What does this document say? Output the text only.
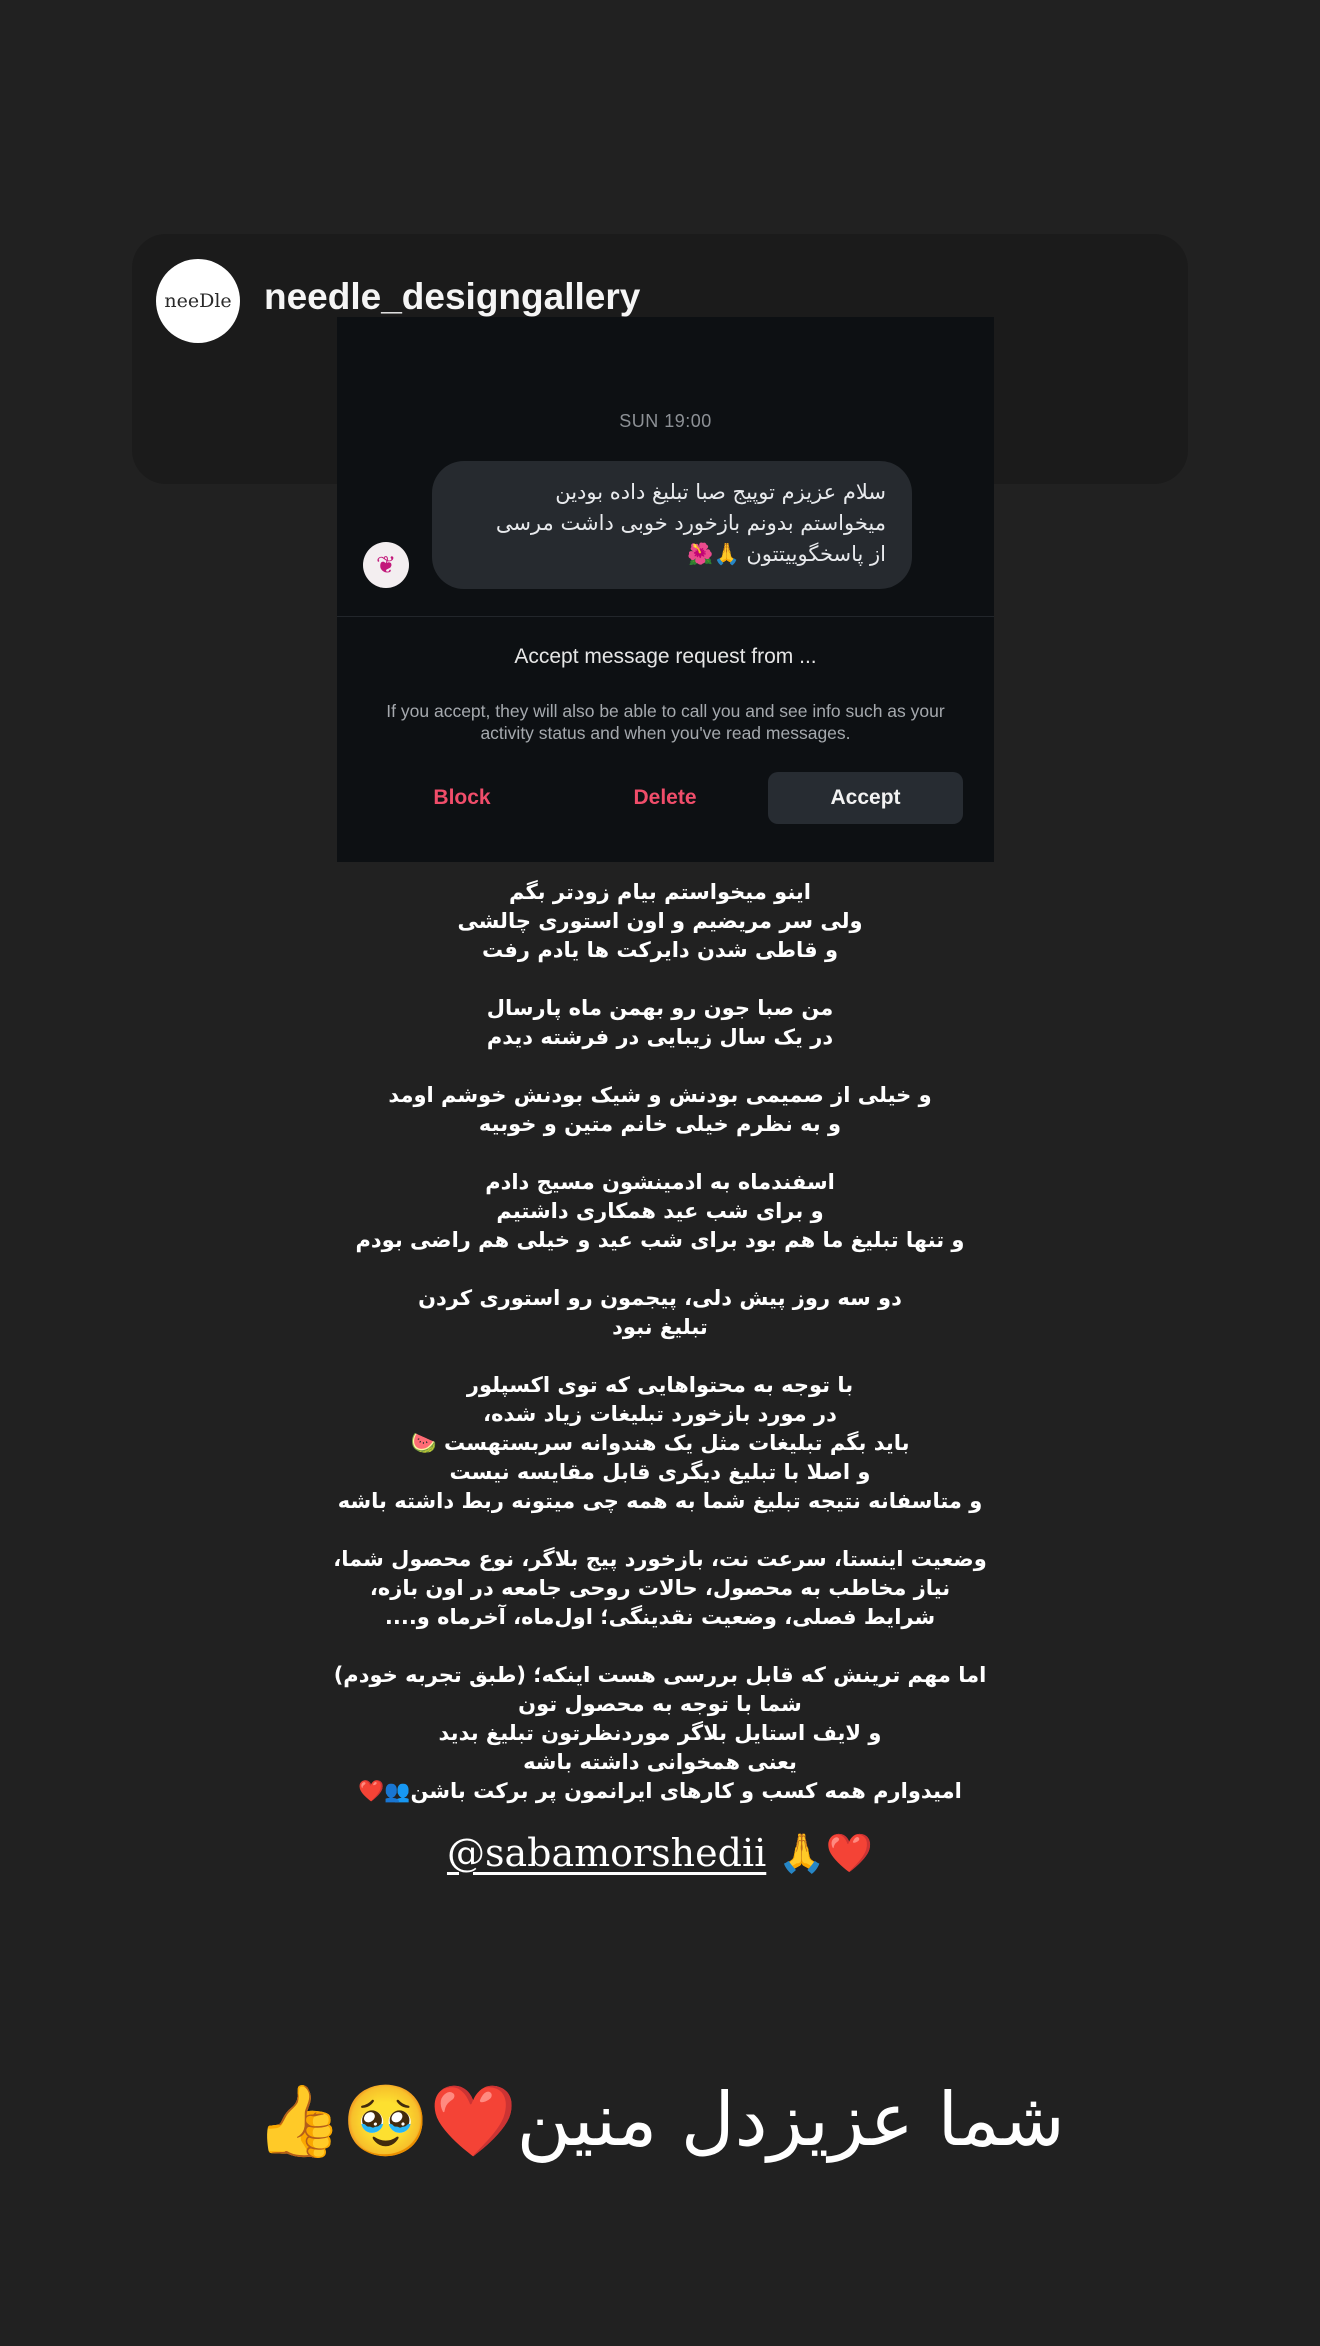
neeDle needle_designgallery
SUN 19:00
سلام عزیزم توپیج صبا تبلیغ داده بودین
میخواستم بدونم بازخورد خوبی داشت مرسی
از پاسخگوییتتون 🙏🌺
❦
Accept message request from ...
If you accept, they will also be able to call you and see info such as your activity status and when you've read messages.
Block	Delete	Accept
اینو میخواستم بیام زودتر بگم
ولی سر مریضیم و اون استوری چالشی
و قاطی شدن دایرکت ها یادم رفت

من صبا جون رو بهمن ماه پارسال
در یک سال زیبایی در فرشته دیدم

و خیلی از صمیمی بودنش و شیک بودنش خوشم اومد
و به نظرم خیلی خانم متین و خوبیه

اسفندماه به ادمینشون مسیج دادم
و برای شب عید همکاری داشتیم
و تنها تبلیغ ما هم بود برای شب عید و خیلی هم راضی بودم

دو سه روز پیش دلی، پیجمون رو استوری کردن
تبلیغ نبود

با توجه به محتواهایی که توی اکسپلور
در مورد بازخورد تبلیغات زیاد شده،
باید بگم تبلیغات مثل یک هندوانه سربستهست 🍉
و اصلا با تبلیغ دیگری قابل مقایسه نیست
و متاسفانه نتیجه تبلیغ شما به همه چی میتونه ربط داشته باشه

وضعیت اینستا، سرعت نت، بازخورد پیج بلاگر، نوع محصول شما،
نیاز مخاطب به محصول، حالات روحی جامعه در اون بازه،
شرایط فصلی، وضعیت نقدینگی؛ اول‌ماه، آخرماه و....

اما مهم ترینش که قابل بررسی هست اینکه؛ (طبق تجربه خودم)
شما با توجه به محصول تون
و لایف استایل بلاگر موردنظرتون تبلیغ بدید
یعنی همخوانی داشته باشه
امیدوارم همه کسب و کارهای ایرانمون پر برکت باشن👥❤️
@sabamorshedii 🙏❤️
شما عزیزدل منین❤️🥹👍
